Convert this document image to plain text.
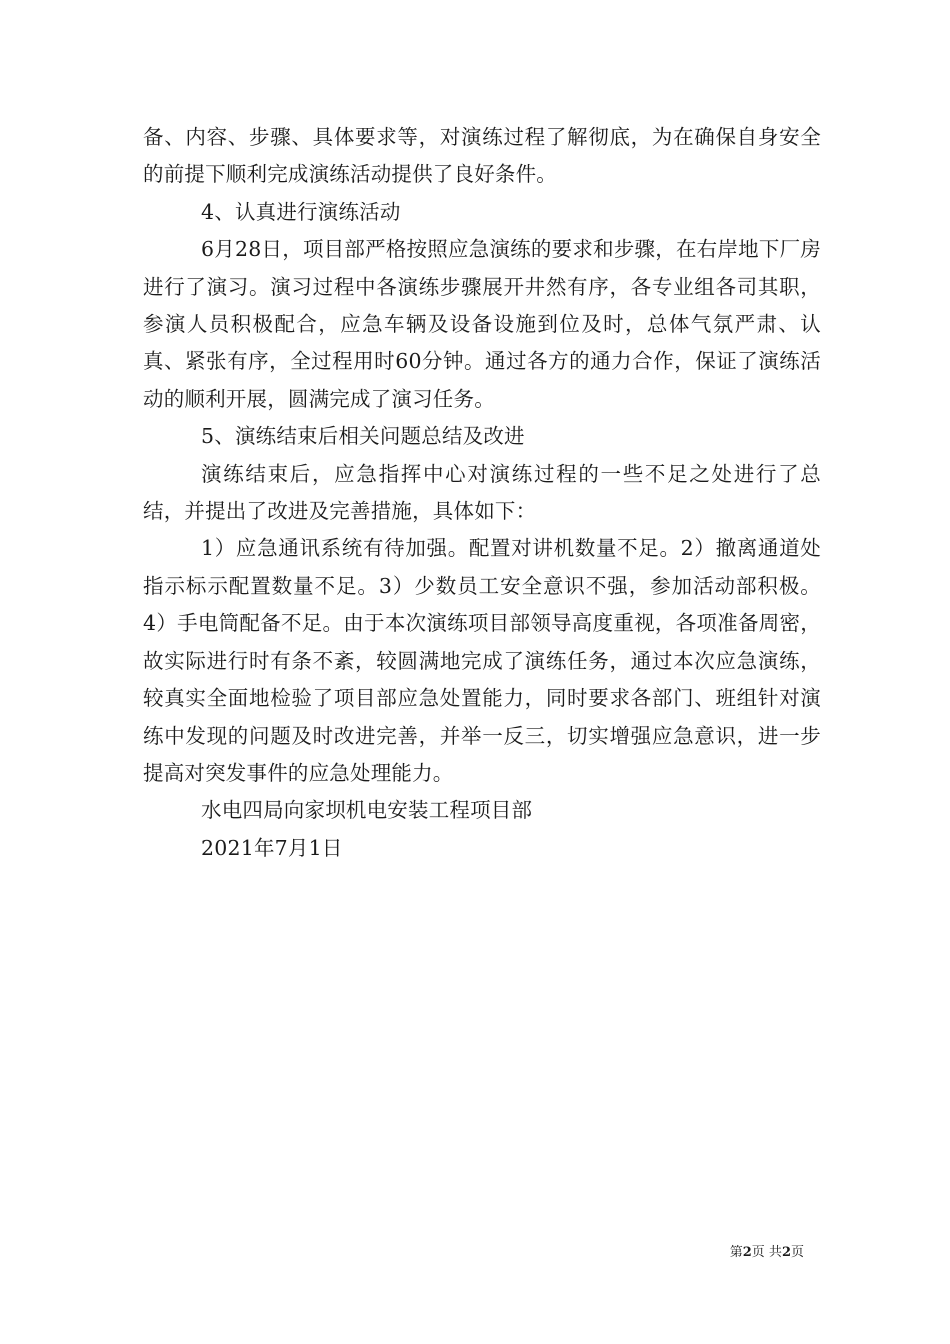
备、内容、步骤、具体要求等，对演练过程了解彻底，为在确保自身安全的前提下顺利完成演练活动提供了良好条件。

4、认真进行演练活动

6月28日，项目部严格按照应急演练的要求和步骤，在右岸地下厂房进行了演习。演习过程中各演练步骤展开井然有序，各专业组各司其职，参演人员积极配合，应急车辆及设备设施到位及时，总体气氛严肃、认真、紧张有序，全过程用时60分钟。通过各方的通力合作，保证了演练活动的顺利开展，圆满完成了演习任务。

5、演练结束后相关问题总结及改进

演练结束后，应急指挥中心对演练过程的一些不足之处进行了总结，并提出了改进及完善措施，具体如下：

1）应急通讯系统有待加强。配置对讲机数量不足。2）撤离通道处指示标示配置数量不足。3）少数员工安全意识不强，参加活动部积极。4）手电筒配备不足。由于本次演练项目部领导高度重视，各项准备周密，故实际进行时有条不紊，较圆满地完成了演练任务，通过本次应急演练，较真实全面地检验了项目部应急处置能力，同时要求各部门、班组针对演练中发现的问题及时改进完善，并举一反三，切实增强应急意识，进一步提高对突发事件的应急处理能力。

水电四局向家坝机电安装工程项目部

2021年7月1日

第2页 共2页
